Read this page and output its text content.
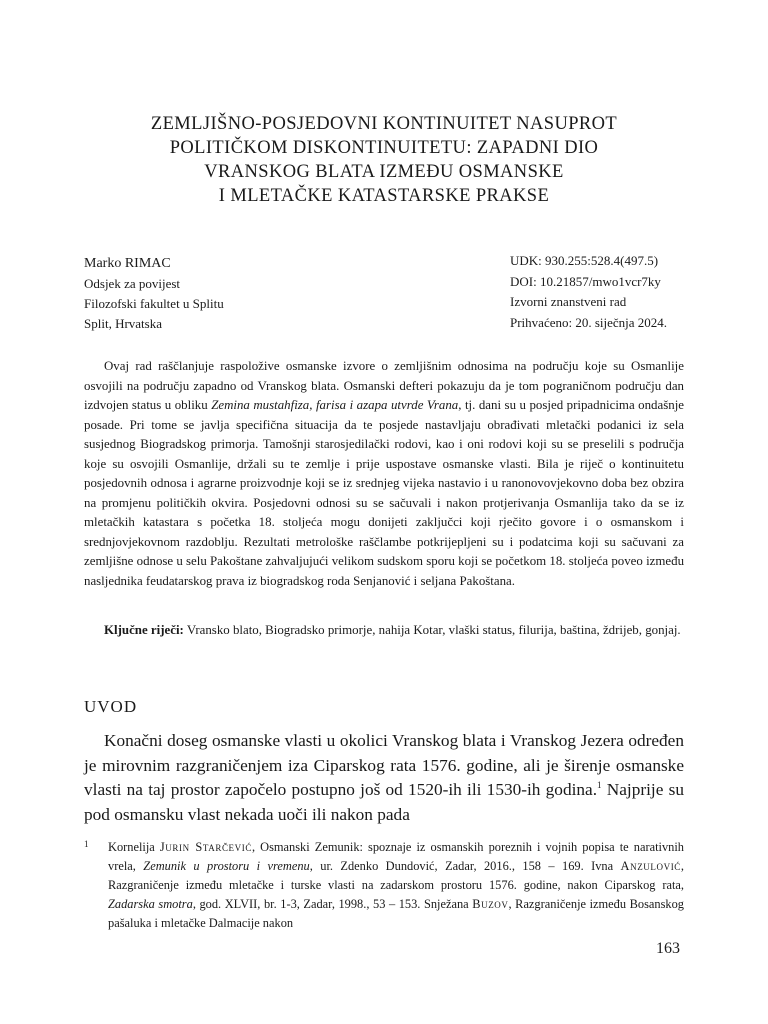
ZEMLJIŠNO-POSJEDOVNI KONTINUITET NASUPROT
POLITIČKOM DISKONTINUITETU: ZAPADNI DIO
VRANSKOG BLATA IZMEĐU OSMANSKE
I MLETAČKE KATASTARSKE PRAKSE
Marko RIMAC
Odsjek za povijest
Filozofski fakultet u Splitu
Split, Hrvatska
UDK: 930.255:528.4(497.5)
DOI: 10.21857/mwo1vcr7ky
Izvorni znanstveni rad
Prihvaćeno: 20. siječnja 2024.

Ovaj rad raščlanjuje raspoložive osmanske izvore o zemljišnim odnosima na području koje su Osmanlije osvojili na području zapadno od Vranskog blata. Osmanski defteri pokazuju da je tom pograničnom području dan izdvojen status u obliku Zemina mustahfiza, farisa i azapa utvrde Vrana, tj. dani su u posjed pripadnicima ondašnje posade. Pri tome se javlja specifična situacija da te posjede nastavljaju obrađivati mletački podanici iz sela susjednog Biogradskog primorja. Tamošnji starosjedilački rodovi, kao i oni rodovi koji su se preselili s područja koje su osvojili Osmanlije, držali su te zemlje i prije uspostave osmanske vlasti. Bila je riječ o kontinuitetu posjedovnih odnosa i agrarne proizvodnje koji se iz srednjeg vijeka nastavio i u ranonovovjekovno doba bez obzira na promjenu političkih okvira. Posjedovni odnosi su se sačuvali i nakon protjerivanja Osmanlija tako da se iz mletačkih katastara s početka 18. stoljeća mogu donijeti zaključci koji rječito govore i o osmanskom i srednjovjekovnom razdoblju. Rezultati metrološke raščlambe potkrijepljeni su i podatcima koji su sačuvani za zemljišne odnose u selu Pakoštane zahvaljujući velikom sudskom sporu koji se početkom 18. stoljeća poveo između nasljednika feudatarskog prava iz biogradskog roda Senjanović i seljana Pakoštana.

Ključne riječi: Vransko blato, Biogradsko primorje, nahija Kotar, vlaški status, filurija, baština, ždrijeb, gonjaj.

UVOD

Konačni doseg osmanske vlasti u okolici Vranskog blata i Vranskog Jezera određen je mirovnim razgraničenjem iza Ciparskog rata 1576. godine, ali je širenje osmanske vlasti na taj prostor započelo postupno još od 1520-ih ili 1530-ih godina.$^1$ Najprije su pod osmansku vlast nekada uoči ili nakon pada

1 Kornelija Jurin Starčević, Osmanski Zemunik: spoznaje iz osmanskih poreznih i vojnih popisa te narativnih vrela, Zemunik u prostoru i vremenu, ur. Zdenko Dundović, Zadar, 2016., 158 – 169. Ivna Anzulović, Razgraničenje između mletačke i turske vlasti na zadarskom prostoru 1576. godine, nakon Ciparskog rata, Zadarska smotra, god. XLVII, br. 1-3, Zadar, 1998., 53 – 153. Snježana Buzov, Razgraničenje između Bosanskog pašaluka i mletačke Dalmacije nakon

163
